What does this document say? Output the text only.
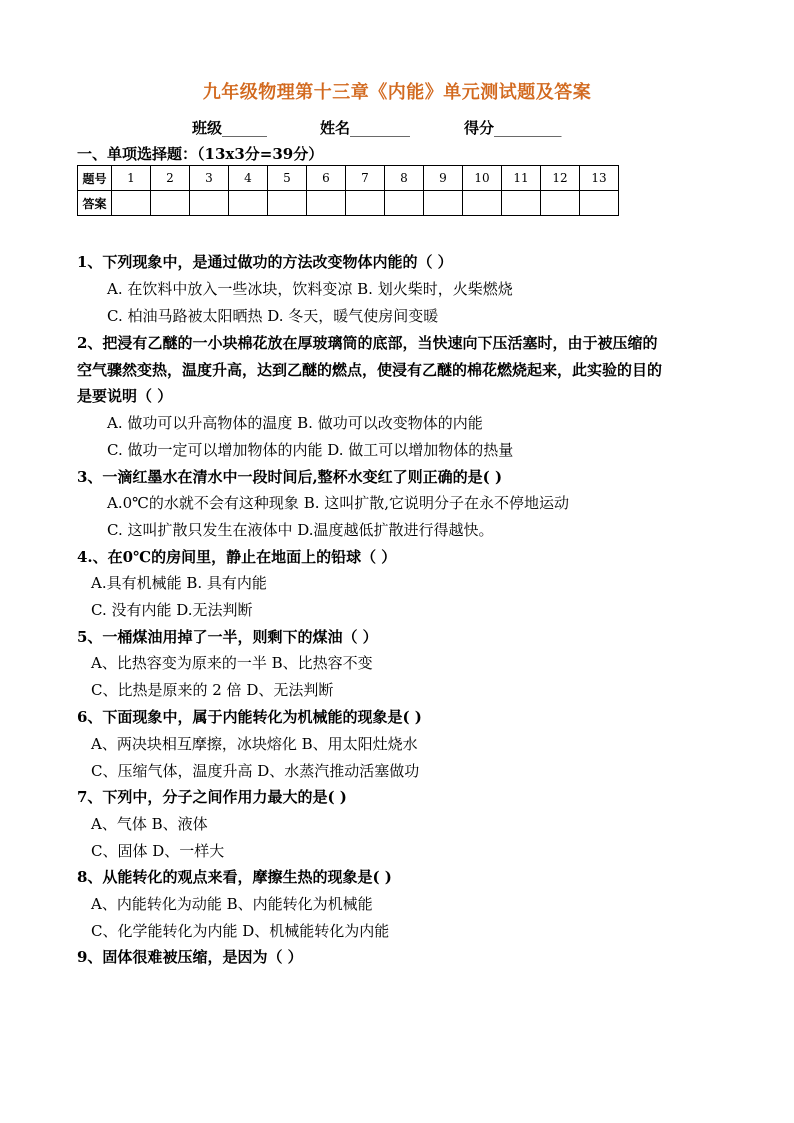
九年级物理第十三章《内能》单元测试题及答案
班级______	姓名________	得分_________
一、单项选择题：（13x3分=39分）
题号	1	2	3	4	5	6	7	8	9	10	11	12	13
答案													
1、下列现象中，是通过做功的方法改变物体内能的（ ）
A. 在饮料中放入一些冰块，饮料变凉 B. 划火柴时，火柴燃烧
C. 柏油马路被太阳晒热 D. 冬天，暖气使房间变暖
2、把浸有乙醚的一小块棉花放在厚玻璃筒的底部，当快速向下压活塞时，由于被压缩的
空气骤然变热，温度升高，达到乙醚的燃点，使浸有乙醚的棉花燃烧起来，此实验的目的
是要说明（ ）
A. 做功可以升高物体的温度 B. 做功可以改变物体的内能
C. 做功一定可以增加物体的内能 D. 做工可以增加物体的热量
3、一滴红墨水在清水中一段时间后,整杯水变红了则正确的是( )
A.0℃的水就不会有这种现象 B. 这叫扩散,它说明分子在永不停地运动
C. 这叫扩散只发生在液体中 D.温度越低扩散进行得越快。
4.、在0℃的房间里，静止在地面上的铅球（ ）
A.具有机械能 B. 具有内能
C. 没有内能 D.无法判断
5、一桶煤油用掉了一半，则剩下的煤油（ ）
A、比热容变为原来的一半 B、比热容不变
C、比热是原来的 2 倍 D、无法判断
6、下面现象中，属于内能转化为机械能的现象是( )
A、两决块相互摩擦，冰块熔化 B、用太阳灶烧水
C、压缩气体，温度升高 D、水蒸汽推动活塞做功
7、下列中，分子之间作用力最大的是( )
A、气体 B、液体
C、固体 D、一样大
8、从能转化的观点来看，摩擦生热的现象是( )
A、内能转化为动能 B、内能转化为机械能
C、化学能转化为内能 D、机械能转化为内能
9、固体很难被压缩，是因为（ ）
